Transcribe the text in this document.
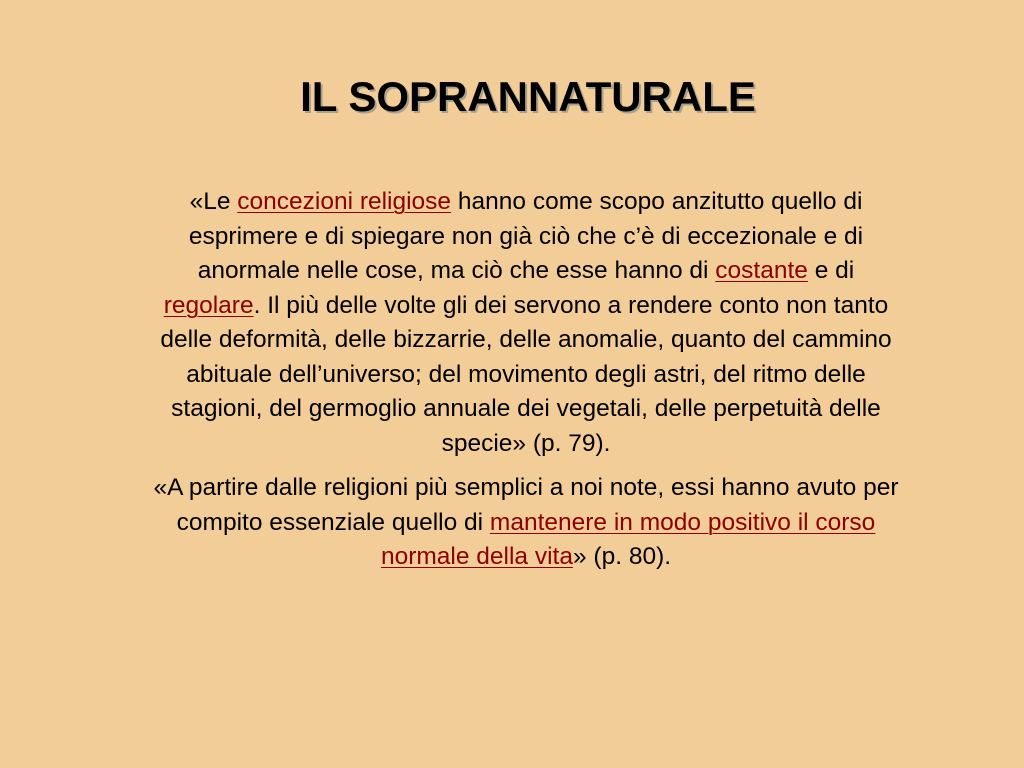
IL SOPRANNATURALE

«Le concezioni religiose hanno come scopo anzitutto quello di esprimere e di spiegare non già ciò che c’è di eccezionale e di anormale nelle cose, ma ciò che esse hanno di costante e di regolare. Il più delle volte gli dei servono a rendere conto non tanto delle deformità, delle bizzarrie, delle anomalie, quanto del cammino abituale dell’universo; del movimento degli astri, del ritmo delle stagioni, del germoglio annuale dei vegetali, delle perpetuità delle specie» (p. 79).

«A partire dalle religioni più semplici a noi note, essi hanno avuto per compito essenziale quello di mantenere in modo positivo il corso normale della vita» (p. 80).
